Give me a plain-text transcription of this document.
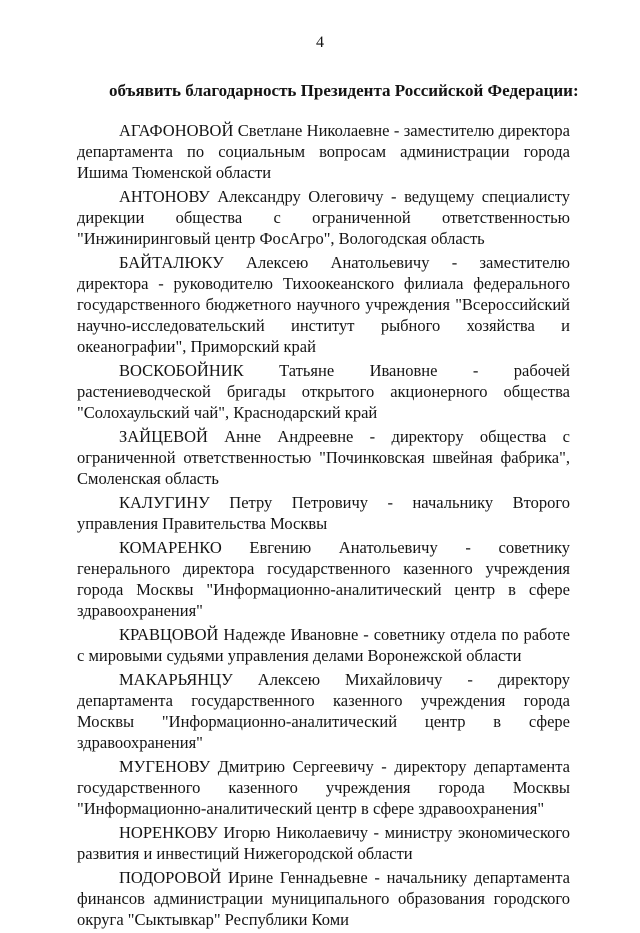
4
объявить благодарность Президента Российской Федерации:

АГАФОНОВОЙ Светлане Николаевне - заместителю директора департамента по социальным вопросам администрации города Ишима Тюменской области

АНТОНОВУ Александру Олеговичу - ведущему специалисту дирекции общества с ограниченной ответственностью "Инжиниринговый центр ФосАгро", Вологодская область

БАЙТАЛЮКУ Алексею Анатольевичу - заместителю директора - руководителю Тихоокеанского филиала федерального государственного бюджетного научного учреждения "Всероссийский научно-исследовательский институт рыбного хозяйства и океанографии", Приморский край

ВОСКОБОЙНИК Татьяне Ивановне - рабочей растениеводческой бригады открытого акционерного общества "Солохаульский чай", Краснодарский край

ЗАЙЦЕВОЙ Анне Андреевне - директору общества с ограниченной ответственностью "Починковская швейная фабрика", Смоленская область

КАЛУГИНУ Петру Петровичу - начальнику Второго управления Правительства Москвы

КОМАРЕНКО Евгению Анатольевичу - советнику генерального директора государственного казенного учреждения города Москвы "Информационно-аналитический центр в сфере здравоохранения"

КРАВЦОВОЙ Надежде Ивановне - советнику отдела по работе с мировыми судьями управления делами Воронежской области

МАКАРЬЯНЦУ Алексею Михайловичу - директору департамента государственного казенного учреждения города Москвы "Информационно-аналитический центр в сфере здравоохранения"

МУГЕНОВУ Дмитрию Сергеевичу - директору департамента государственного казенного учреждения города Москвы "Информационно-аналитический центр в сфере здравоохранения"

НОРЕНКОВУ Игорю Николаевичу - министру экономического развития и инвестиций Нижегородской области

ПОДОРОВОЙ Ирине Геннадьевне - начальнику департамента финансов администрации муниципального образования городского округа "Сыктывкар" Республики Коми
